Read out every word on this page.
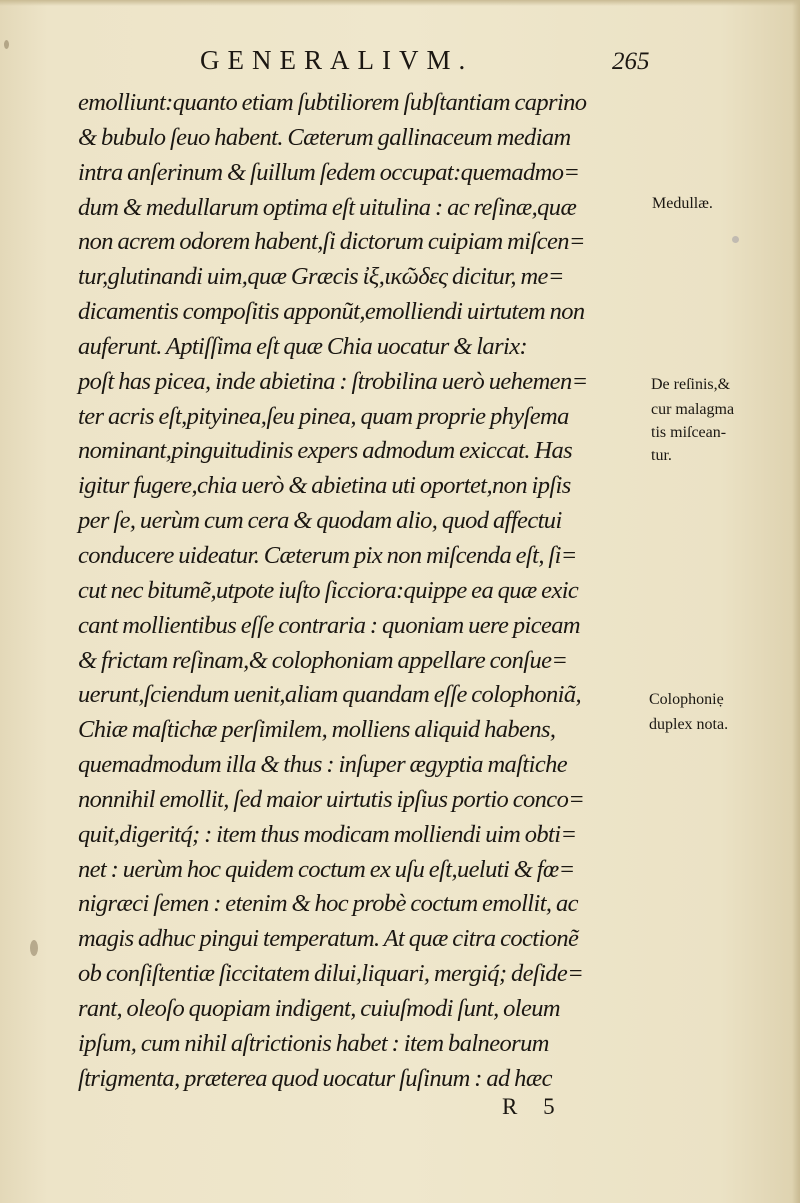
GENERALIVM.	265
emolliunt:quanto etiam ſubtiliorem ſubſtantiam caprino
& bubulo ſeuo habent. Cæterum gallinaceum mediam
intra anſerinum & ſuillum ſedem occupat:quemadmo=
dum & medullarum optima eſt uitulina : ac reſinæ,quæ
non acrem odorem habent,ſi dictorum cuipiam miſcen=
tur,glutinandi uim,quæ Græcis ἰξ,ικῶδες dicitur, me=
dicamentis compoſitis apponũt,emolliendi uirtutem non
auferunt. Aptiſſima eſt quæ Chia uocatur & larix:
poſt has picea, inde abietina : ſtrobilina uerò uehemen=
ter acris eſt,pityinea,ſeu pinea, quam proprie phyſema
nominant,pinguitudinis expers admodum exiccat. Has
igitur fugere,chia uerò & abietina uti oportet,non ipſis
per ſe, uerùm cum cera & quodam alio, quod affectui
conducere uideatur. Cæterum pix non miſcenda eſt, ſi=
cut nec bitumẽ,utpote iuſto ſicciora:quippe ea quæ exic
cant mollientibus eſſe contraria : quoniam uere piceam
& frictam reſinam,& colophoniam appellare conſue=
uerunt,ſciendum uenit,aliam quandam eſſe colophoniã,
Chiæ maſtichæ perſimilem, molliens aliquid habens,
quemadmodum illa & thus : inſuper ægyptia maſtiche
nonnihil emollit, ſed maior uirtutis ipſius portio conco=
quit,digeritq́; : item thus modicam molliendi uim obti=
net : uerùm hoc quidem coctum ex uſu eſt,ueluti & fœ=
nigræci ſemen : etenim & hoc probè coctum emollit, ac
magis adhuc pingui temperatum. At quæ citra coctionẽ
ob conſiſtentiæ ſiccitatem dilui,liquari, mergiq́; deſide=
rant, oleoſo quopiam indigent, cuiuſmodi ſunt, oleum
ipſum, cum nihil aſtrictionis habet : item balneorum
ſtrigmenta, præterea quod uocatur ſuſinum : ad hæc
Medullæ.
De reſinis,&
cur malagma
tis miſcean-
tur.
Colophoniẹ
duplex nota.
R 5
